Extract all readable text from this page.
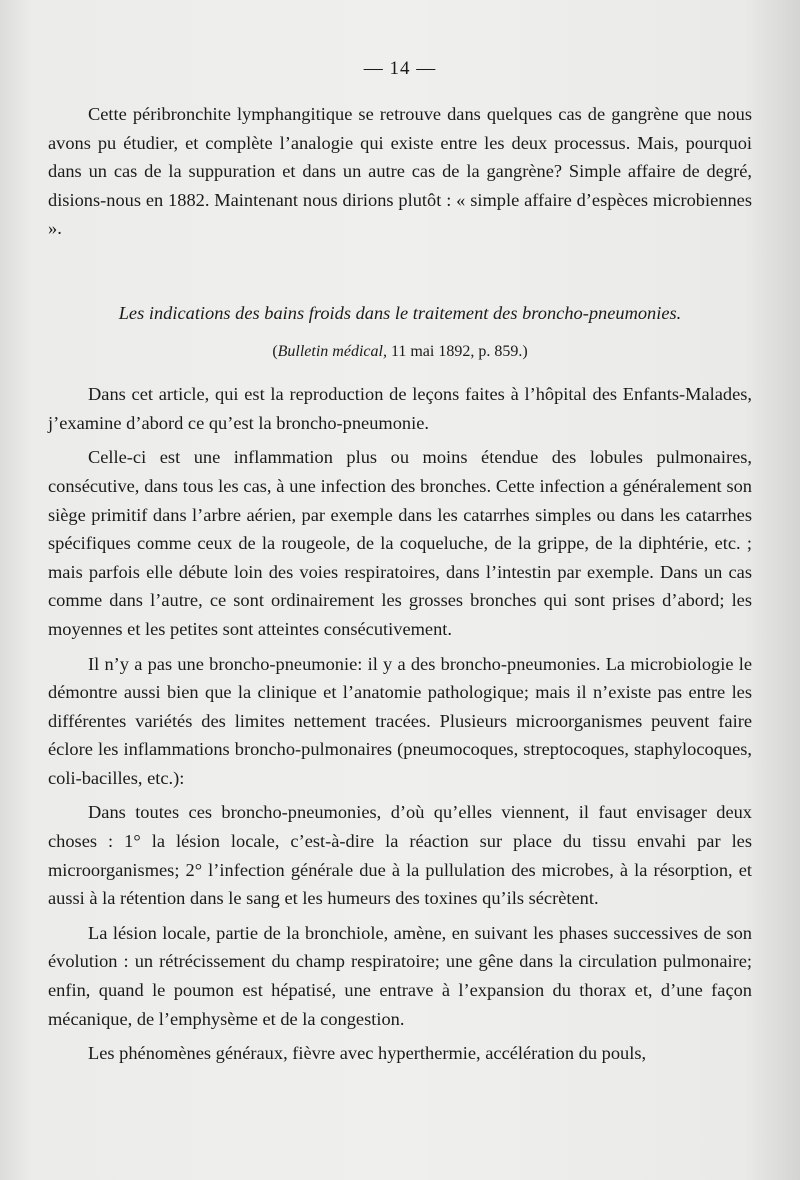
— 14 —

Cette péribronchite lymphangitique se retrouve dans quelques cas de gangrène que nous avons pu étudier, et complète l’analogie qui existe entre les deux processus. Mais, pourquoi dans un cas de la suppuration et dans un autre cas de la gangrène? Simple affaire de degré, disions-nous en 1882. Maintenant nous dirions plutôt : « simple affaire d’espèces microbiennes ».

Les indications des bains froids dans le traitement des broncho-pneumonies.

(Bulletin médical, 11 mai 1892, p. 859.)

Dans cet article, qui est la reproduction de leçons faites à l’hôpital des Enfants-Malades, j’examine d’abord ce qu’est la broncho-pneumonie.

Celle-ci est une inflammation plus ou moins étendue des lobules pulmonaires, consécutive, dans tous les cas, à une infection des bronches. Cette infection a généralement son siège primitif dans l’arbre aérien, par exemple dans les catarrhes simples ou dans les catarrhes spécifiques comme ceux de la rougeole, de la coqueluche, de la grippe, de la diphtérie, etc. ; mais parfois elle débute loin des voies respiratoires, dans l’intestin par exemple. Dans un cas comme dans l’autre, ce sont ordinairement les grosses bronches qui sont prises d’abord; les moyennes et les petites sont atteintes consécutivement.

Il n’y a pas une broncho-pneumonie: il y a des broncho-pneumonies. La microbiologie le démontre aussi bien que la clinique et l’anatomie pathologique; mais il n’existe pas entre les différentes variétés des limites nettement tracées. Plusieurs microorganismes peuvent faire éclore les inflammations broncho-pulmonaires (pneumocoques, streptocoques, staphylocoques, coli-bacilles, etc.):

Dans toutes ces broncho-pneumonies, d’où qu’elles viennent, il faut envisager deux choses : 1° la lésion locale, c’est-à-dire la réaction sur place du tissu envahi par les microorganismes; 2° l’infection générale due à la pullulation des microbes, à la résorption, et aussi à la rétention dans le sang et les humeurs des toxines qu’ils sécrètent.

La lésion locale, partie de la bronchiole, amène, en suivant les phases successives de son évolution : un rétrécissement du champ respiratoire; une gêne dans la circulation pulmonaire; enfin, quand le poumon est hépatisé, une entrave à l’expansion du thorax et, d’une façon mécanique, de l’emphysème et de la congestion.

Les phénomènes généraux, fièvre avec hyperthermie, accélération du pouls,
